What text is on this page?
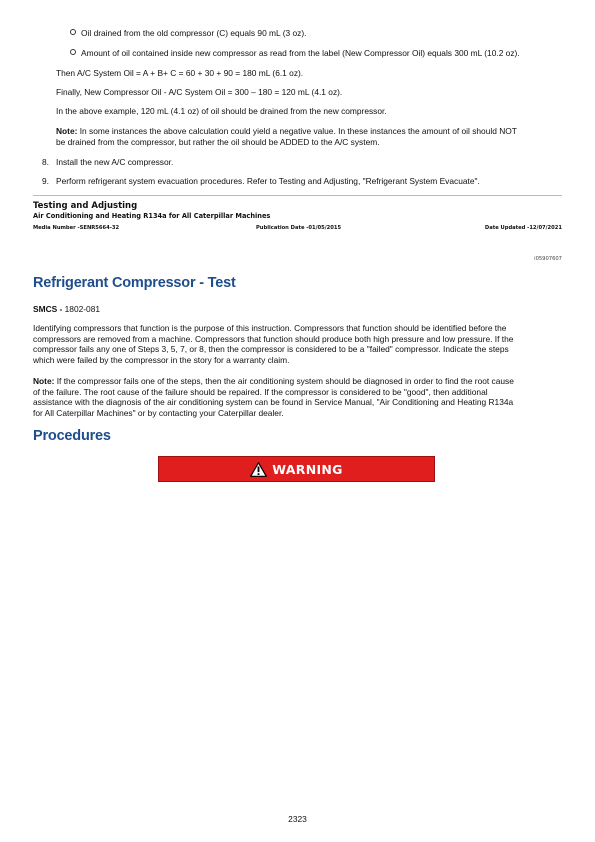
Oil drained from the old compressor (C) equals 90 mL (3 oz).
Amount of oil contained inside new compressor as read from the label (New Compressor Oil) equals 300 mL (10.2 oz).
Then A/C System Oil = A + B+ C = 60 + 30 + 90 = 180 mL (6.1 oz).
Finally, New Compressor Oil - A/C System Oil = 300 – 180 = 120 mL (4.1 oz).
In the above example, 120 mL (4.1 oz) of oil should be drained from the new compressor.
Note: In some instances the above calculation could yield a negative value. In these instances the amount of oil should NOT
be drained from the compressor, but rather the oil should be ADDED to the A/C system.
8. Install the new A/C compressor.
9. Perform refrigerant system evacuation procedures. Refer to Testing and Adjusting, "Refrigerant System Evacuate".
Testing and Adjusting
Air Conditioning and Heating R134a for All Caterpillar Machines
Media Number -SENR5664-32	Publication Date -01/05/2015	Date Updated -12/07/2021
i05907607
Refrigerant Compressor - Test
SMCS - 1802-081
Identifying compressors that function is the purpose of this instruction. Compressors that function should be identified before the
compressors are removed from a machine. Compressors that function should produce both high pressure and low pressure. If the
compressor fails any one of Steps 3, 5, 7, or 8, then the compressor is considered to be a "failed" compressor. Indicate the steps
which were failed by the compressor in the story for a warranty claim.
Note: If the compressor fails one of the steps, then the air conditioning system should be diagnosed in order to find the root cause
of the failure. The root cause of the failure should be repaired. If the compressor is considered to be "good", then additional
assistance with the diagnosis of the air conditioning system can be found in Service Manual, "Air Conditioning and Heating R134a
for All Caterpillar Machines" or by contacting your Caterpillar dealer.
Procedures
WARNING
2323
